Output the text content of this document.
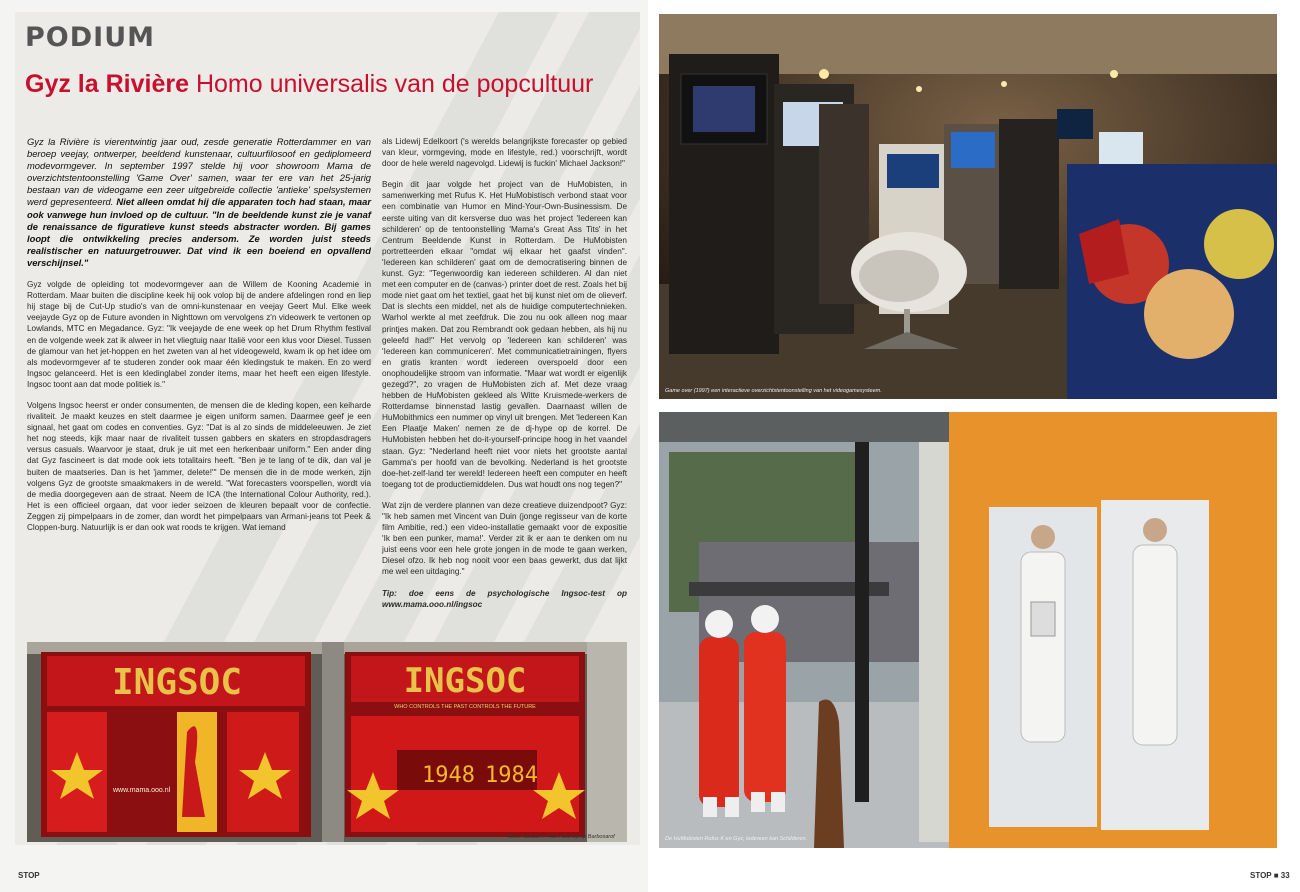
PODIUM
Gyz la Rivière Homo universalis van de popcultuur

Gyz la Rivière is vierentwintig jaar oud, zesde generatie Rotterdammer en van beroep veejay, ontwerper, beeldend kunstenaar, cultuurfilosoof en gediplomeerd modevormgever. In september 1997 stelde hij voor showroom Mama de overzichtstentoonstelling 'Game Over' samen, waar ter ere van het 25-jarig bestaan van de videogame een zeer uitgebreide collectie 'antieke' spelsystemen werd gepresenteerd. Niet alleen omdat hij die apparaten toch had staan, maar ook vanwege hun invloed op de cultuur. "In de beeldende kunst zie je vanaf de renaissance de figuratieve kunst steeds abstracter worden. Bij games loopt die ontwikkeling precies andersom. Ze worden juist steeds realistischer en natuurgetrouwer. Dat vind ik een boeiend en opvallend verschijnsel."

Gyz volgde de opleiding tot modevormgever aan de Willem de Kooning Academie in Rotterdam. Maar buiten die discipline keek hij ook volop bij de andere afdelingen rond en liep hij stage bij de Cut-Up studio's van de omni-kunstenaar en veejay Geert Mul. Elke week veejayde Gyz op de Future avonden in Nighttown om vervolgens z'n videowerk te vertonen op Lowlands, MTC en Megadance. Gyz: "Ik veejayde de ene week op het Drum Rhythm festival en de volgende week zat ik alweer in het vliegtuig naar Italië voor een klus voor Diesel. Tussen de glamour van het jet-hoppen en het zweten van al het videogeweld, kwam ik op het idee om als modevormgever af te studeren zonder ook maar één kledingstuk te maken. En zo werd Ingsoc gelanceerd. Het is een kledinglabel zonder items, maar het heeft een eigen lifestyle. Ingsoc toont aan dat mode politiek is."

Volgens Ingsoc heerst er onder consumenten, de mensen die de kleding kopen, een keiharde rivaliteit. Je maakt keuzes en stelt daarmee je eigen uniform samen. Daarmee geef je een signaal, het gaat om codes en conventies. Gyz: "Dat is al zo sinds de middeleeuwen. Je ziet het nog steeds, kijk maar naar de rivaliteit tussen gabbers en skaters en stropdasdragers versus casuals. Waarvoor je staat, druk je uit met een herkenbaar uniform." Een ander ding dat Gyz fascineert is dat mode ook iets totalitairs heeft. "Ben je te lang of te dik, dan val je buiten de maatseries. Dan is het 'jammer, delete!'" De mensen die in de mode werken, zijn volgens Gyz de grootste smaakmakers in de wereld. "Wat forecasters voorspellen, wordt via de media doorgegeven aan de straat. Neem de ICA (the International Colour Authority, red.). Het is een officieel orgaan, dat voor ieder seizoen de kleuren bepaalt voor de confectie. Zeggen zij pimpelpaars in de zomer, dan wordt het pimpelpaars van Armani-jeans tot Peek & Cloppen-burg. Natuurlijk is er dan ook wat roods te krijgen. Wat iemand

als Lidewij Edelkoort ('s werelds belangrijkste forecaster op gebied van kleur, vormgeving, mode en lifestyle, red.) voorschrijft, wordt door de hele wereld nagevolgd. Lidewij is fuckin' Michael Jackson!"

Begin dit jaar volgde het project van de HuMobisten, in samenwerking met Rufus K. Het HuMobistisch verbond staat voor een combinatie van Humor en Mind-Your-Own-Businessism. De eerste uiting van dit kersverse duo was het project 'Iedereen kan schilderen' op de tentoonstelling 'Mama's Great Ass Tits' in het Centrum Beeldende Kunst in Rotterdam. De HuMobisten portretteerden elkaar "omdat wij elkaar het gaafst vinden". 'Iedereen kan schilderen' gaat om de democratisering binnen de kunst. Gyz: "Tegenwoordig kan iedereen schilderen. Al dan niet met een computer en de (canvas-) printer doet de rest. Zoals het bij mode niet gaat om het textiel, gaat het bij kunst niet om de olieverf. Dat is slechts een middel, net als de huidige computertechnieken. Warhol werkte al met zeefdruk. Die zou nu ook alleen nog maar printjes maken. Dat zou Rembrandt ook gedaan hebben, als hij nu geleefd had!" Het vervolg op 'Iedereen kan schilderen' was 'Iedereen kan communiceren'. Met communicatietrainingen, flyers en gratis kranten wordt iedereen overspoeld door een onophoudelijke stroom van informatie. "Maar wat wordt er eigenlijk gezegd?", zo vragen de HuMobisten zich af. Met deze vraag hebben de HuMobisten gekleed als Witte Kruismede-werkers de Rotterdamse binnenstad lastig gevallen. Daarnaast willen de HuMobithmics een nummer op vinyl uit brengen. Met 'Iedereen Kan Een Plaatje Maken' nemen ze de dj-hype op de korrel. De HuMobisten hebben het do-it-yourself-principe hoog in het vaandel staan. Gyz: "Nederland heeft niet voor niets het grootste aantal Gamma's per hoofd van de bevolking. Nederland is het grootste doe-het-zelf-land ter wereld! Iedereen heeft een computer en heeft toegang tot de productiemiddelen. Dus wat houdt ons nog tegen?"

Wat zijn de verdere plannen van deze creatieve duizendpoot? Gyz: "Ik heb samen met Vincent van Duin (jonge regisseur van de korte film Ambitie, red.) een video-installatie gemaakt voor de expositie 'Ik ben een punker, mama!'. Verder zit ik er aan te denken om nu juist eens voor een hele grote jongen in de mode te gaan werken, Diesel ofzo. Ik heb nog nooit voor een baas gewerkt, dus dat lijkt me wel een uitdaging."

Tip: doe eens de psychologische Ingsoc-test op www.mama.ooo.nl/ingsoc
INGSOC
www.mama.ooo.nl
INGSOC
WHO CONTROLS THE PAST CONTROLS THE FUTURE
1948 1984
Tekst: Sander F. Van Hest Syrup Barbosarof
STOP
Game over (1997) een interactieve overzichtstentoonstelling van het videogamesysteem.
De HuMobisten Rufus K en Gyz, Iedereen kan Schilderen.
STOP ■ 33
